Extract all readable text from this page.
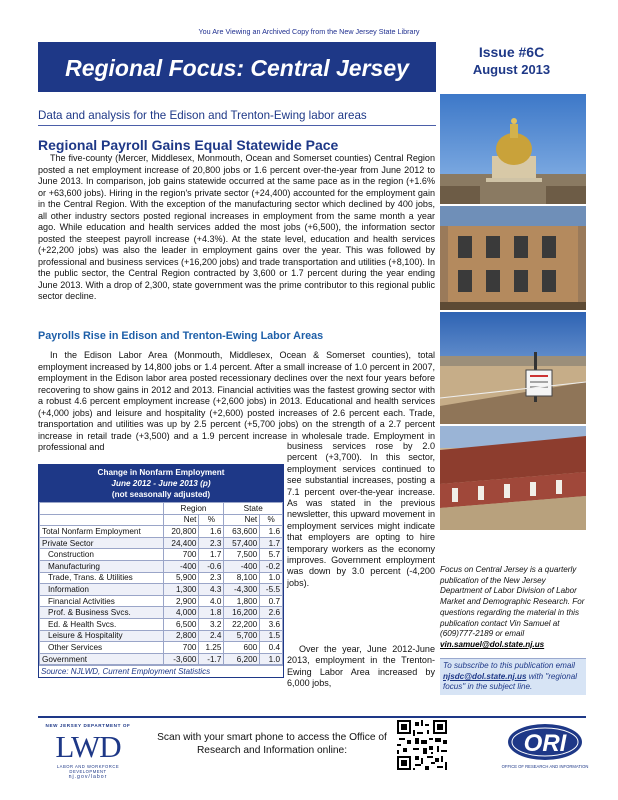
You Are Viewing an Archived Copy from the New Jersey State Library
Regional Focus: Central Jersey
Issue #6C
August 2013
Data and analysis for the Edison and Trenton-Ewing labor areas
Regional Payroll Gains Equal Statewide Pace
The five-county (Mercer, Middlesex, Monmouth, Ocean and Somerset counties) Central Region posted a net employment increase of 20,800 jobs or 1.6 percent over-the-year from June 2012 to June 2013. In comparison, job gains statewide occurred at the same pace as in the region (+1.6% or +63,600 jobs). Hiring in the region's private sector (+24,400) accounted for the employment gain in the Central Region. With the exception of the manufacturing sector which declined by 400 jobs, all other industry sectors posted regional increases in employment from the same month a year ago. While education and health services added the most jobs (+6,500), the information sector posted the steepest payroll increase (+4.3%). At the state level, education and health services (+22,200 jobs) was also the leader in employment gains over the year. This was followed by professional and business services (+16,200 jobs) and trade transportation and utilities (+8,100). In the public sector, the Central Region contracted by 3,600 or 1.7 percent during the year ending June 2013. With a drop of 2,300, state government was the prime contributor to this regional public sector decline.
Payrolls Rise in Edison and Trenton-Ewing Labor Areas
In the Edison Labor Area (Monmouth, Middlesex, Ocean & Somerset counties), total employment increased by 14,800 jobs or 1.4 percent. After a small increase of 1.0 percent in 2007, employment in the Edison labor area posted recessionary declines over the next four years before recovering to show gains in 2012 and 2013. Financial activities was the fastest growing sector with a robust 4.6 percent employment increase (+2,600 jobs) in 2013. Educational and health services (+4,000 jobs) and leisure and hospitality (+2,600) posted increases of 2.6 percent each. Trade, transportation and utilities was up by 2.5 percent (+5,700 jobs) on the strength of a 2.7 percent increase in retail trade (+3,500) and a 1.9 percent increase in wholesale trade. Employment in professional and	business services rose by 2.0 percent (+3,700). In this sector, employment services continued to see substantial increases, posting a 7.1 percent over-the-year increase. As was stated in the previous newsletter, this upward movement in employment services might indicate that employers are opting to hire temporary workers as the economy improves. Government employment was down by 3.0 percent (-4,200 jobs).
Over the year, June 2012-June 2013, employment in the Trenton-Ewing Labor Area increased by 6,000 jobs,
Change in Nonfarm Employment
June 2012 - June 2013 (p)
(not seasonally adjusted)
	Region		State	
	Net	%	Net	%
Total Nonfarm Employment	20,800	1.6	63,600	1.6
Private Sector	24,400	2.3	57,400	1.7
Construction	700	1.7	7,500	5.7
Manufacturing	-400	-0.6	-400	-0.2
Trade, Trans. & Utilities	5,900	2.3	8,100	1.0
Information	1,300	4.3	-4,300	-5.5
Financial Activities	2,900	4.0	1,800	0.7
Prof. & Business Svcs.	4,000	1.8	16,200	2.6
Ed. & Health Svcs.	6,500	3.2	22,200	3.6
Leisure & Hospitality	2,800	2.4	5,700	1.5
Other Services	700	1.25	600	0.4
Government	-3,600	-1.7	6,200	1.0
Source: NJLWD, Current Employment Statistics
Focus on Central Jersey is a quarterly publication of the New Jersey Department of Labor Division of Labor Market and Demographic Research. For questions regarding the material in this publication contact Vin Samuel at (609)777-2189 or email vin.samuel@dol.state.nj.us
To subscribe to this publication email njsdc@dol.state.nj.us with "regional focus" in the subject line.
NEW JERSEY DEPARTMENT OF
LWD
LABOR AND WORKFORCE DEVELOPMENT
nj.gov/labor
Scan with your smart phone to access the Office of Research and Information online:	ORI
OFFICE OF RESEARCH AND INFORMATION
